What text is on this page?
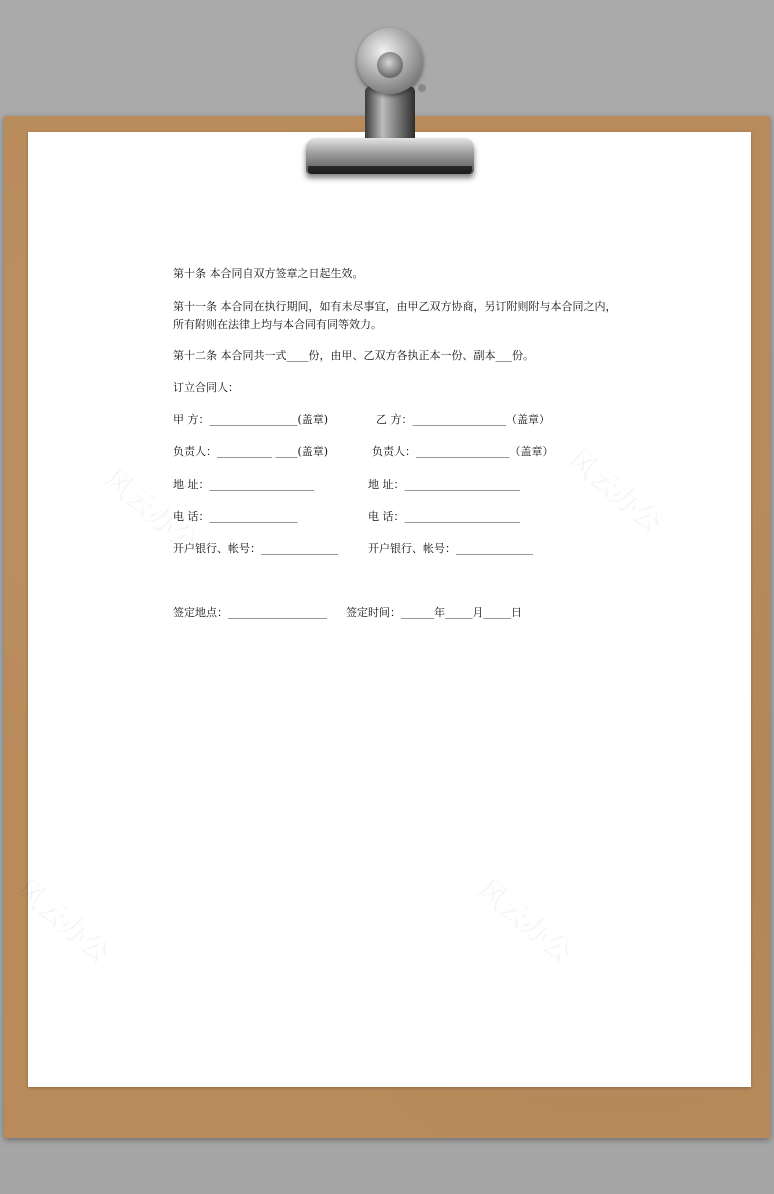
第十条 本合同自双方签章之日起生效。
第十一条 本合同在执行期间，如有未尽事宜，由甲乙双方协商，另订附则附与本合同之内，
所有附则在法律上均与本合同有同等效力。
第十二条 本合同共一式____份，由甲、乙双方各执正本一份、副本___份。
订立合同人：
甲 方：________________(盖章)	乙 方：_________________（盖章）
负责人：__________ ____(盖章)	负责人：_________________（盖章）
地 址：___________________	地 址：_____________________
电 话：________________	电 话：_____________________
开户银行、帐号：______________	开户银行、帐号：______________
签定地点：__________________ 签定时间：______年_____月_____日
